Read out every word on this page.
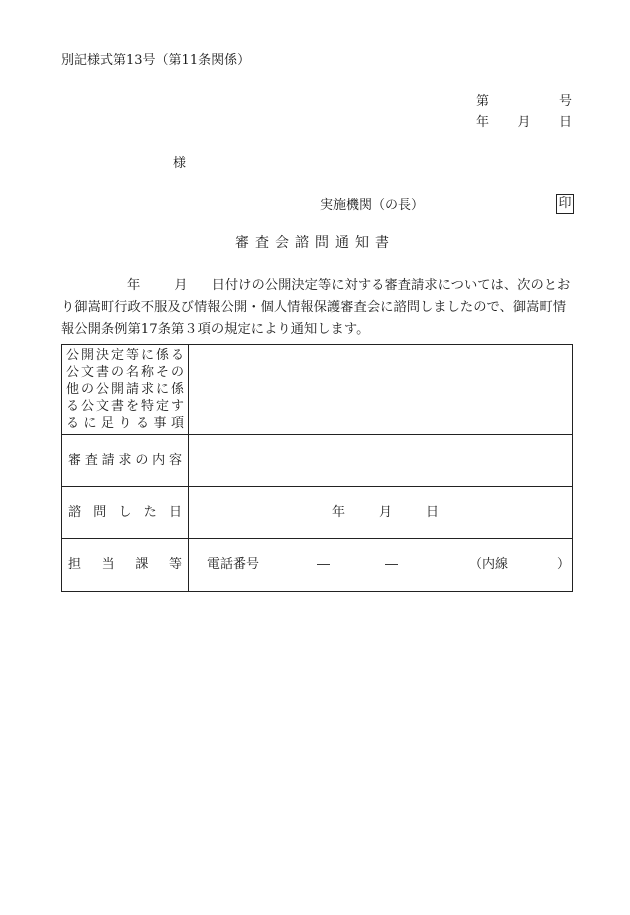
別記様式第13号（第11条関係）
第	号
年 月 日
様
実施機関（の長）	印
審査会諮問通知書
年	月 日付けの公開決定等に対する審査請求については、次のとおり御嵩町行政不服及び情報公開・個人情報保護審査会に諮問しましたので、御嵩町情報公開条例第17条第３項の規定により通知します。
公開決定等に係る
公文書の名称その
他の公開請求に係
る公文書を特定す
るに足りる事項	

審査請求の内容	

諮問した日	年 月 日

担当課等	電話番号 ― ― （内線 ）
